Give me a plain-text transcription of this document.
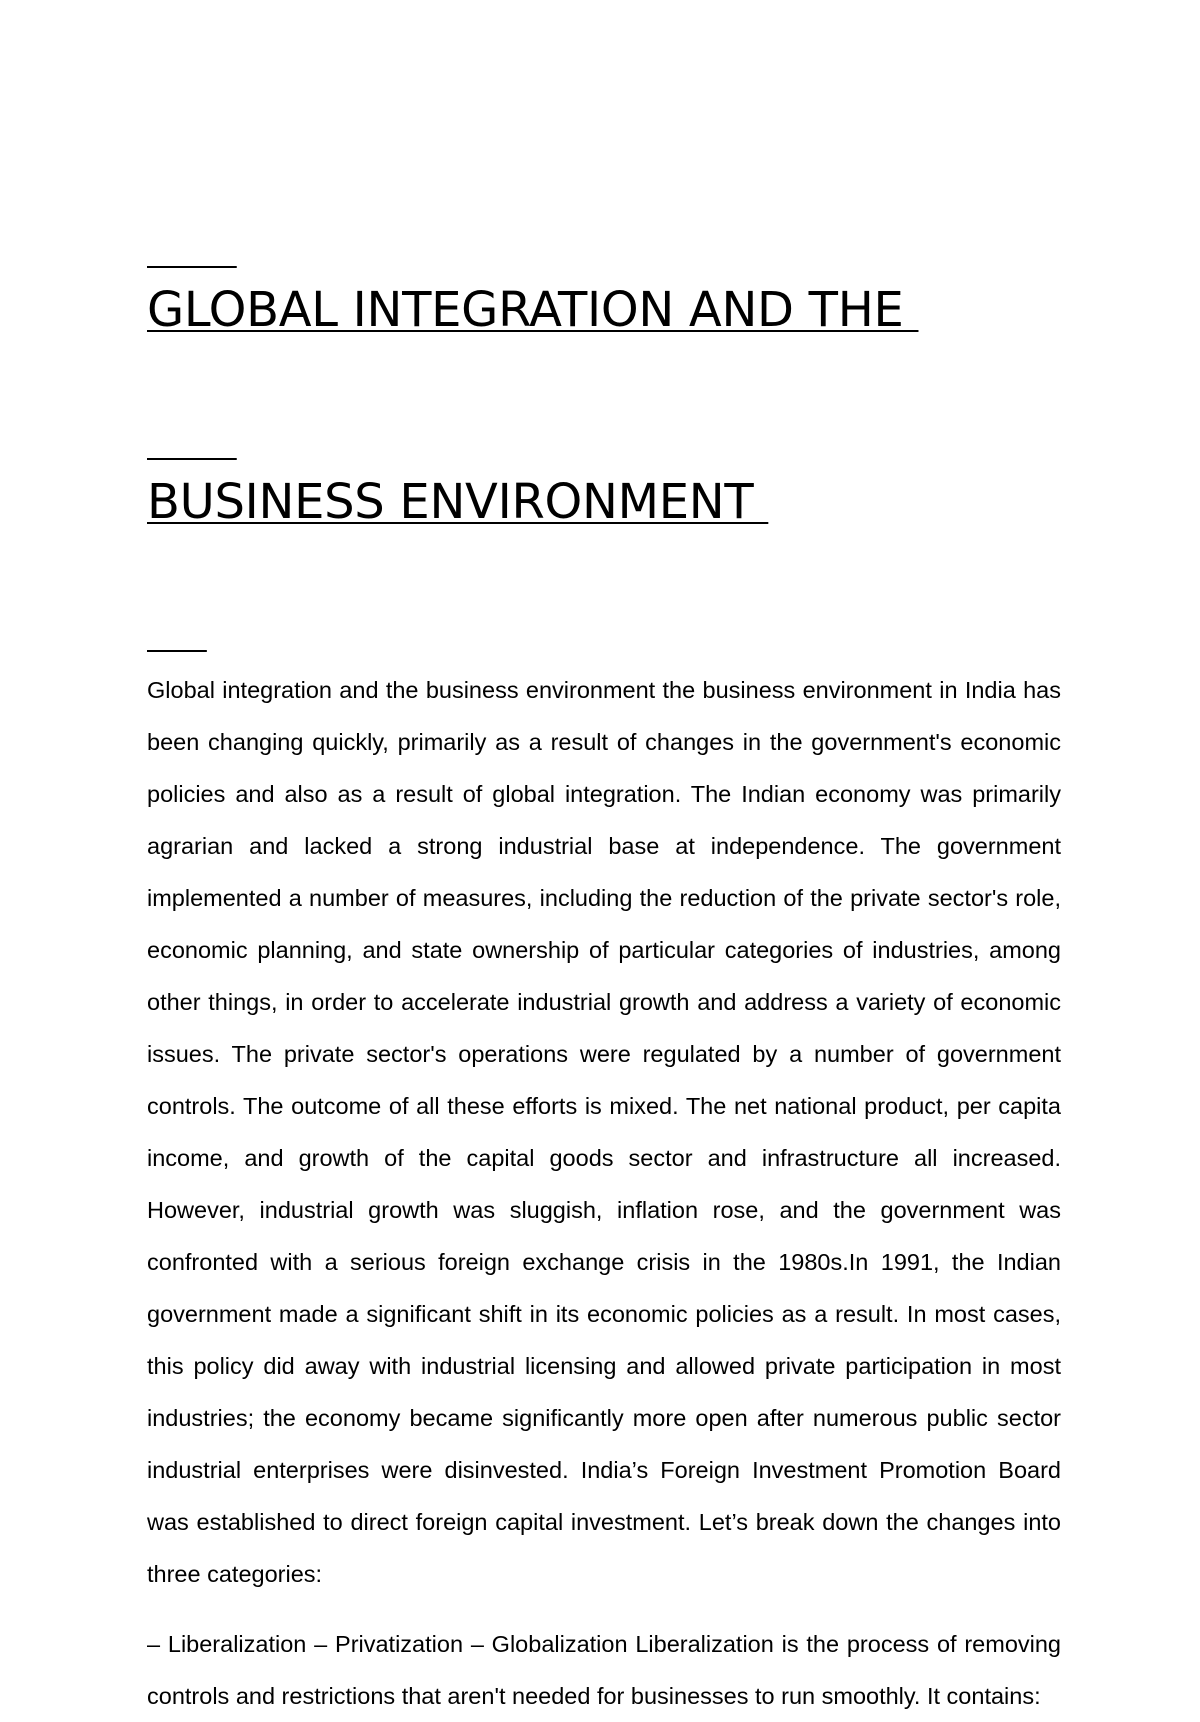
GLOBAL INTEGRATION AND THE

BUSINESS ENVIRONMENT

Global integration and the business environment the business environment in India has been changing quickly, primarily as a result of changes in the government's economic policies and also as a result of global integration. The Indian economy was primarily agrarian and lacked a strong industrial base at independence. The government implemented a number of measures, including the reduction of the private sector's role, economic planning, and state ownership of particular categories of industries, among other things, in order to accelerate industrial growth and address a variety of economic issues. The private sector's operations were regulated by a number of government controls. The outcome of all these efforts is mixed. The net national product, per capita income, and growth of the capital goods sector and infrastructure all increased. However, industrial growth was sluggish, inflation rose, and the government was confronted with a serious foreign exchange crisis in the 1980s.In 1991, the Indian government made a significant shift in its economic policies as a result. In most cases, this policy did away with industrial licensing and allowed private participation in most industries; the economy became significantly more open after numerous public sector industrial enterprises were disinvested. India’s Foreign Investment Promotion Board was established to direct foreign capital investment. Let’s break down the changes into three categories:

– Liberalization – Privatization – Globalization Liberalization is the process of removing controls and restrictions that aren't needed for businesses to run smoothly. It contains:
